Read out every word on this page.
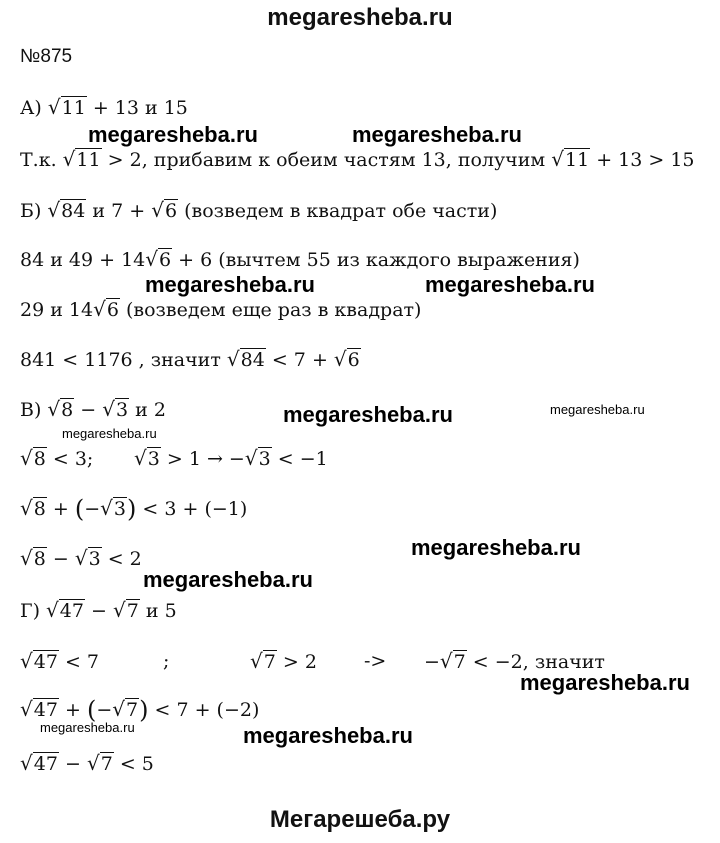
megaresheba.ru
№875
А) √11 + 13 и 15
Т.к. √11 > 2, прибавим к обеим частям 13, получим √11 + 13 > 15
Б) √84 и 7 + √6 (возведем в квадрат обе части)
84 и 49 + 14√6 + 6 (вычтем 55 из каждого выражения)
29 и 14√6 (возведем еще раз в квадрат)
841 < 1176 , значит √84 < 7 + √6
В) √8 − √3 и 2
√8 < 3; √3 > 1 → −√3 < −1
√8 + (−√3) < 3 + (−1)
√8 − √3 < 2
Г) √47 − √7 и 5
√47 < 7	;	√7 > 2 -> −√7 < −2, значит
√47 + (−√7) < 7 + (−2)
√47 − √7 < 5
megaresheba.ru	megaresheba.ru
megaresheba.ru	megaresheba.ru
megaresheba.ru	megaresheba.ru
megaresheba.ru
megaresheba.ru
megaresheba.ru
megaresheba.ru
megaresheba.ru	megaresheba.ru
Мегарешеба.ру
